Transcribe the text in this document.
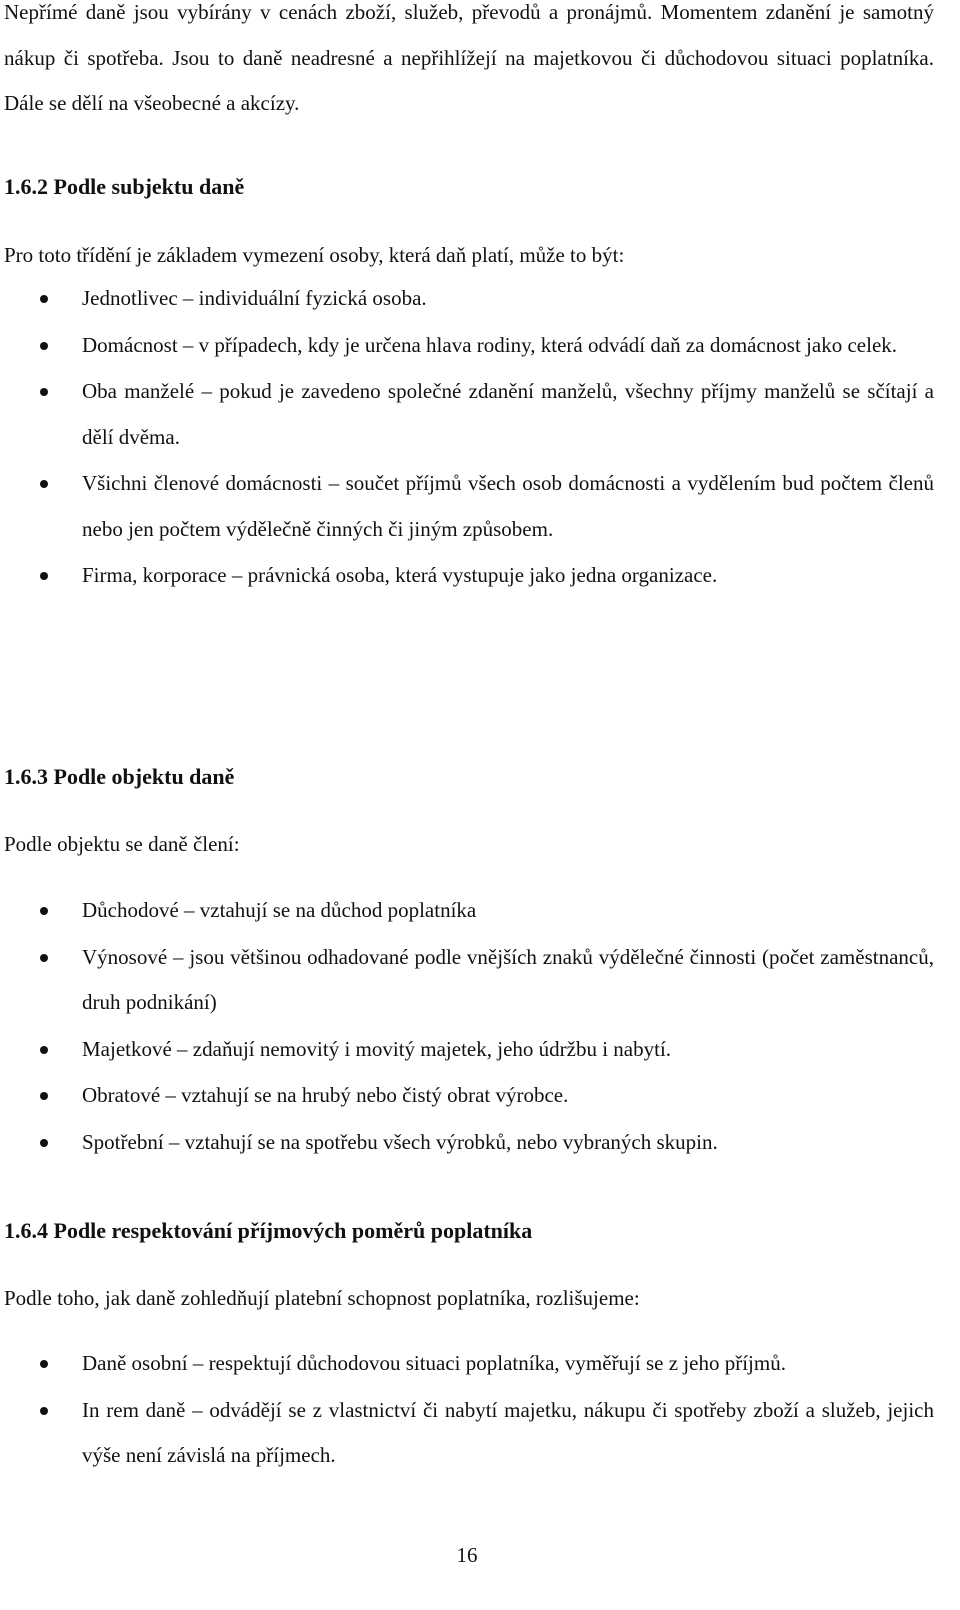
Nepřímé daně jsou vybírány v cenách zboží, služeb, převodů a pronájmů. Momentem zdanění je samotný nákup či spotřeba. Jsou to daně neadresné a nepřihlížejí na majetkovou či důchodovou situaci poplatníka. Dále se dělí na všeobecné a akcízy.

1.6.2 Podle subjektu daně

Pro toto třídění je základem vymezení osoby, která daň platí, může to být:

Jednotlivec – individuální fyzická osoba.
Domácnost – v případech, kdy je určena hlava rodiny, která odvádí daň za domácnost jako celek.
Oba manželé – pokud je zavedeno společné zdanění manželů, všechny příjmy manželů se sčítají a dělí dvěma.
Všichni členové domácnosti – součet příjmů všech osob domácnosti a vydělením bud počtem členů nebo jen počtem výdělečně činných či jiným způsobem.
Firma, korporace – právnická osoba, která vystupuje jako jedna organizace.
1.6.3 Podle objektu daně

Podle objektu se daně člení:

Důchodové – vztahují se na důchod poplatníka
Výnosové – jsou většinou odhadované podle vnějších znaků výdělečné činnosti (počet zaměstnanců, druh podnikání)
Majetkové – zdaňují nemovitý i movitý majetek, jeho údržbu i nabytí.
Obratové – vztahují se na hrubý nebo čistý obrat výrobce.
Spotřební – vztahují se na spotřebu všech výrobků, nebo vybraných skupin.
1.6.4 Podle respektování příjmových poměrů poplatníka

Podle toho, jak daně zohledňují platební schopnost poplatníka, rozlišujeme:

Daně osobní – respektují důchodovou situaci poplatníka, vyměřují se z jeho příjmů.
In rem daně – odvádějí se z vlastnictví či nabytí majetku, nákupu či spotřeby zboží a služeb, jejich výše není závislá na příjmech.
16
